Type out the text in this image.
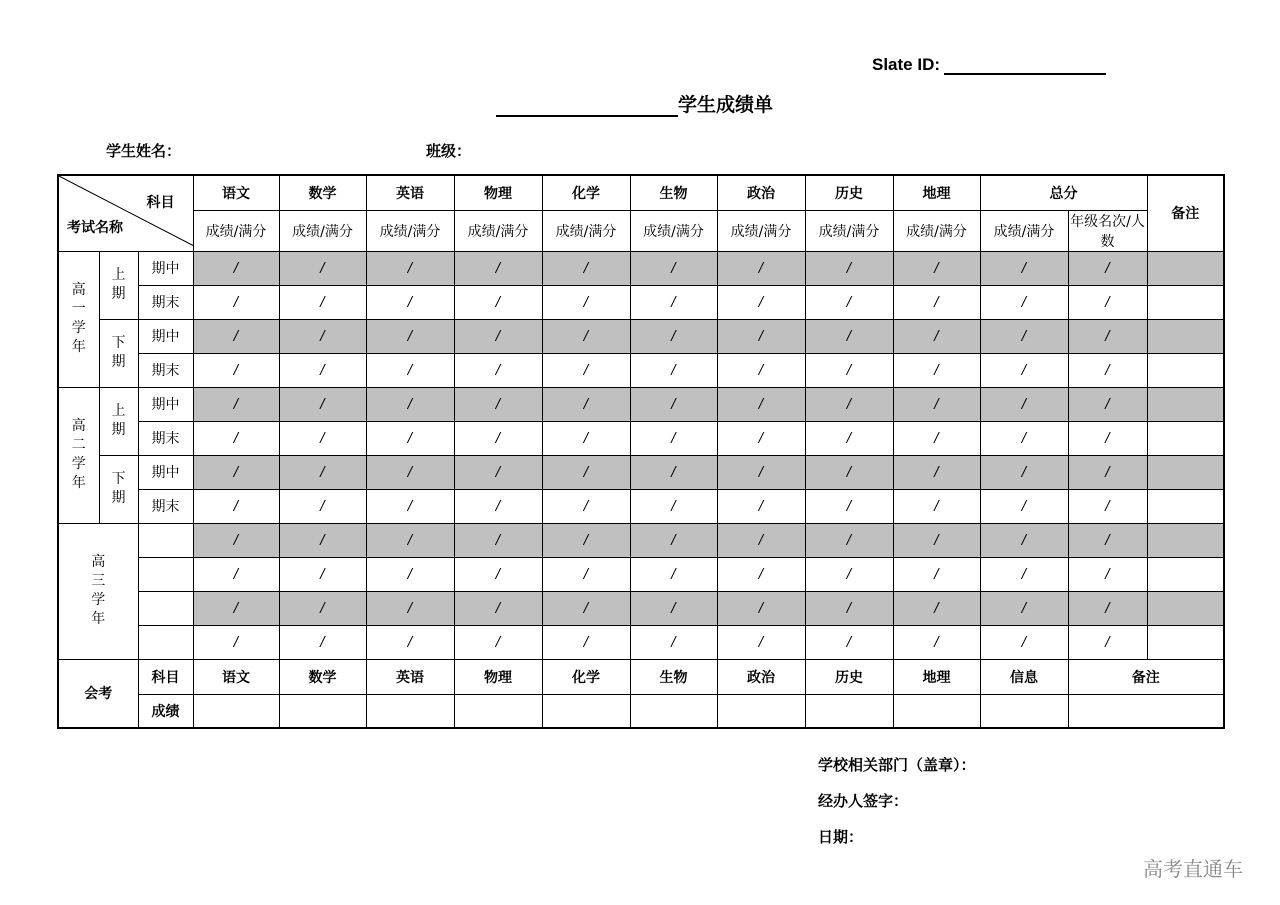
Slate ID:
学生成绩单
学生姓名：	班级：
科目
考试名称			语文	数学	英语	物理	化学	生物	政治	历史	地理	总分		备注
			成绩/满分	成绩/满分	成绩/满分	成绩/满分	成绩/满分	成绩/满分	成绩/满分	成绩/满分	成绩/满分	成绩/满分	年级名次/人数	
高一学年	上期	期中	/	/	/	/	/	/	/	/	/	/	/	
		期末	/	/	/	/	/	/	/	/	/	/	/	
	下期	期中	/	/	/	/	/	/	/	/	/	/	/	
		期末	/	/	/	/	/	/	/	/	/	/	/	
高二学年	上期	期中	/	/	/	/	/	/	/	/	/	/	/	
		期末	/	/	/	/	/	/	/	/	/	/	/	
	下期	期中	/	/	/	/	/	/	/	/	/	/	/	
		期末	/	/	/	/	/	/	/	/	/	/	/	
高三学年			/	/	/	/	/	/	/	/	/	/	/	
			/	/	/	/	/	/	/	/	/	/	/	
			/	/	/	/	/	/	/	/	/	/	/	
			/	/	/	/	/	/	/	/	/	/	/	
会考		科目	语文	数学	英语	物理	化学	生物	政治	历史	地理	信息	备注	
		成绩												
学校相关部门（盖章）：
经办人签字：
日期：
高考直通车
